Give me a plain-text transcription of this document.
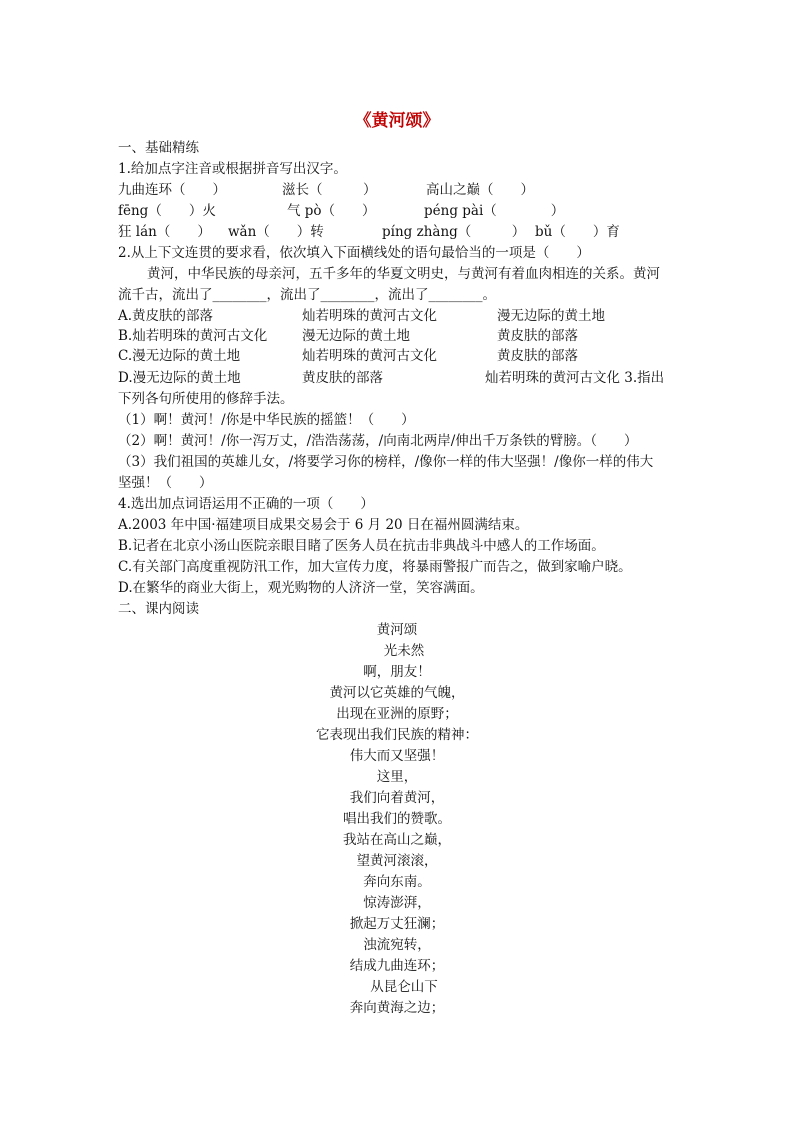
《黄河颂》
一、基础精练
1.给加点字注音或根据拼音写出汉字。
九曲连环（　　）	滋长（　　　）	高山之巅（　　）
fēng（　　）火	气 pò（　　）	péng pài（　　　　）
狂 lán（　　） wǎn（　　）转	píng zhàng（　　　） bǔ（　　）育
2.从上下文连贯的要求看，依次填入下面横线处的语句最恰当的一项是（　　）
黄河，中华民族的母亲河，五千多年的华夏文明史，与黄河有着血肉相连的关系。黄河
流千古，流出了________，流出了________，流出了________。
A.黄皮肤的部落	灿若明珠的黄河古文化	漫无边际的黄土地
B.灿若明珠的黄河古文化	漫无边际的黄土地	黄皮肤的部落
C.漫无边际的黄土地	灿若明珠的黄河古文化	黄皮肤的部落
D.漫无边际的黄土地	黄皮肤的部落	灿若明珠的黄河古文化 3.指出
下列各句所使用的修辞手法。
（1）啊！黄河！/你是中华民族的摇篮！（　　）
（2）啊！黄河！/你一泻万丈，/浩浩荡荡，/向南北两岸/伸出千万条铁的臂膀。（　　）
（3）我们祖国的英雄儿女，/将要学习你的榜样，/像你一样的伟大坚强！/像你一样的伟大
坚强！（　　）
4.选出加点词语运用不正确的一项（　　）
A.2003 年中国·福建项目成果交易会于 6 月 20 日在福州圆满结束。
B.记者在北京小汤山医院亲眼目睹了医务人员在抗击非典战斗中感人的工作场面。
C.有关部门高度重视防汛工作，加大宣传力度，将暴雨警报广而告之，做到家喻户晓。
D.在繁华的商业大街上，观光购物的人济济一堂，笑容满面。
二、课内阅读
黄河颂
光未然
啊，朋友！
黄河以它英雄的气魄，
出现在亚洲的原野；
它表现出我们民族的精神：
伟大而又坚强！
这里，
我们向着黄河，
唱出我们的赞歌。
我站在高山之巅，
望黄河滚滚，
奔向东南。
惊涛澎湃，
掀起万丈狂澜；
浊流宛转，
结成九曲连环；
从昆仑山下
奔向黄海之边；
